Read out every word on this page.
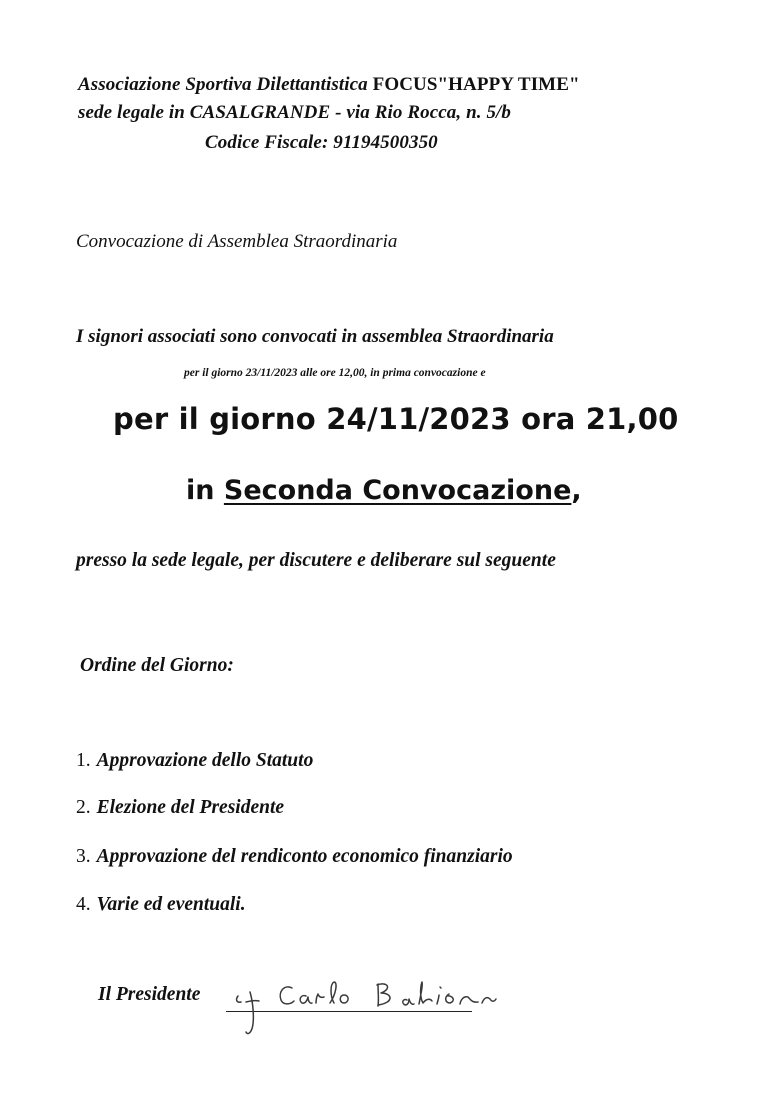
Associazione Sportiva Dilettantistica FOCUS"HAPPY TIME"
sede legale in CASALGRANDE - via Rio Rocca, n. 5/b
Codice Fiscale: 91194500350
Convocazione di Assemblea Straordinaria
I signori associati sono convocati in assemblea Straordinaria
per il giorno 23/11/2023 alle ore 12,00, in prima convocazione e
per il giorno 24/11/2023 ora 21,00
in Seconda Convocazione,
presso la sede legale, per discutere e deliberare sul seguente
Ordine del Giorno:
1. Approvazione dello Statuto
2. Elezione del Presidente
3. Approvazione del rendiconto economico finanziario
4. Varie ed eventuali.
Il Presidente
